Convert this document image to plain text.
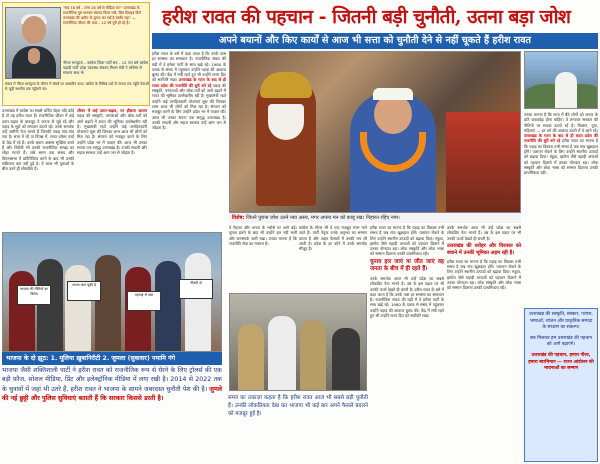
"सब 78 वर्ष – जन्म 26 वर्ष से मीडिया का" "उत्तराखंड के राजनीतिक गुरु मानकर स्वराज विरल जरि, बिल दिसहब विरो उत्तराखंड की अतीत के बुनाए कर रखें है स्वर्लेट गहा" — राजनीतिक जीवन की यात्रा – 12 वर्ष पूरी हो रहे हैं।
नीरज भारद्वाज – कांग्रेस ज़िला पार्टी सत्र – 12 जन वर्ष कांग्रेस पहाड़ी पार्टी प्रदेश व्यवस्था संकल्प मिशन मंत्री पे भविष्य से संकल्प साथ में।
संवाद में नीरज भारद्वाज के जीवन में संघर्ष पर आधारित कथा, कांग्रेस के विभिन्न पदों से जनता तक पहुँचे नेताओं से जुड़ी स्थानीय तक पहुँचाने का।
हरीश रावत की पहचान - जितनी बड़ी चुनौती, उतना बड़ा जोश
अपने बयानों और किए कार्यों से आज भी सत्ता को चुनौती देने से नहीं चूकते हैं हरीश रावत
उत्तराखंड में कांग्रेस का सबसे चर्चित चेहरा यदि कोई है तो वह हरीश रावत हैं। राजनीतिक जीवन में कई उतार-चढ़ाव के बावजूद वे जनता से जुड़े रहे और पहाड़ के मुद्दों को लगातार उठाते रहे। उनके समर्थक उन्हें जमीनी नेता मानते हैं जिनकी पकड़ गांव-गांव तक है। सत्ता में रहें या विपक्ष में, रावत हमेशा चर्चा के केंद्र में रहे हैं। उनके बयान अक्सर सुर्खियां बनते हैं और विरोधी भी उनकी राजनीतिक समझ का लोहा मानते हैं। लंबे समय तक संसद और विधानसभा में प्रतिनिधित्व करने के बाद भी उनकी सक्रियता कम नहीं हुई है। वे आज भी युवाओं के बीच उतने ही लोकप्रिय हैं।
जीवन में कई उतार-चढ़ाव, पर हौसला कायम पहाड़ की संस्कृति, परंपराओं और लोक-पर्वों को आगे बढ़ाने में रावत की भूमिका उल्लेखनीय रही है। मुख्यमंत्री रहते उन्होंने कई जनहितकारी योजनाएं शुरू कीं जिनका लाभ आज भी लोगों को मिल रहा है। संगठन को मजबूत करने के लिए उन्होंने प्रदेश भर में यात्राएं कीं। आज भी उनका सपना एक समृद्ध उत्तराखंड है। उनकी सादगी और सहज स्वभाव उन्हें आम जन से जोड़ता है।
हरीश रावत के बारे में कहा जाता है कि उनके पास हर समस्या का समाधान है। राजनीतिक संकट की घड़ी में वे हमेशा पार्टी के साथ खड़े रहे। 1980 के दशक से संसद में पहुंचकर उन्होंने पहाड़ की आवाज बुलंद की। केंद्र में मंत्री रहते हुए भी उन्होंने राज्य हित को सर्वोपरि रखा। उत्तराखंड के गठन के बाद से ही रावत प्रदेश की राजनीति की धुरी बने रहे पहाड़ की संस्कृति, परंपराओं और लोक-पर्वों को आगे बढ़ाने में रावत की भूमिका उल्लेखनीय रही है। मुख्यमंत्री रहते उन्होंने कई जनहितकारी योजनाएं शुरू कीं जिनका लाभ आज भी लोगों को मिल रहा है। संगठन को मजबूत करने के लिए उन्होंने प्रदेश भर में यात्राएं कीं। आज भी उनका सपना एक समृद्ध उत्तराखंड है। उनकी सादगी और सहज स्वभाव उन्हें आम जन से जोड़ता है।
विशेष: जितने पुराना जोश उतने नया असर, मगर अपना मन को काबू रख। निहारत रहिए नाम।
वे मेहनत और जनता के भरोसे पर आगे बढ़े। चुनाव हारने के बाद भी उन्होंने हार नहीं मानी और जनसंपर्क जारी रखा। उनका मानना है कि राजनीति सेवा का माध्यम है।
कांग्रेस के भीतर भी वे एक मजबूत स्तंभ माने जाते हैं। पार्टी नेतृत्व उनके अनुभव का सम्मान करता है और अहम फैसलों में उनकी राय ली जाती है। प्रदेश के हर कोने में उनके समर्थक मौजूद हैं।
हरीश रावत का मानना है कि पहाड़ का विकास तभी संभव है जब गांव खुशहाल होंगे। पलायन रोकने के लिए उन्होंने स्थानीय उत्पादों को बढ़ावा दिया। मंडुवा, झंगोरा जैसे पहाड़ी अनाजों को पहचान दिलाने में उनका योगदान रहा। लोक संस्कृति और लोक भाषा को सम्मान दिलाना उनकी प्राथमिकता रही।
चुनाव हार जाएं या जीत जाएं वह जनता के बीच में ही रहते हैं।
उनके समर्थक आज भी उन्हें प्रदेश का सबसे लोकप्रिय नेता मानते हैं। उम्र के इस पड़ाव पर भी उनकी ऊर्जा देखते ही बनती है। हरीश रावत के बारे में कहा जाता है कि उनके पास हर समस्या का समाधान है। राजनीतिक संकट की घड़ी में वे हमेशा पार्टी के साथ खड़े रहे। 1980 के दशक से संसद में पहुंचकर उन्होंने पहाड़ की आवाज बुलंद की। केंद्र में मंत्री रहते हुए भी उन्होंने राज्य हित को सर्वोपरि रखा।
उनके समर्थक आज भी उन्हें प्रदेश का सबसे लोकप्रिय नेता मानते हैं। उम्र के इस पड़ाव पर भी उनकी ऊर्जा देखते ही बनती है।
उत्तराखंड की धरोहर और विरासत को बचाने में उनकी भूमिका अहम रही है।
हरीश रावत का मानना है कि पहाड़ का विकास तभी संभव है जब गांव खुशहाल होंगे। पलायन रोकने के लिए उन्होंने स्थानीय उत्पादों को बढ़ावा दिया। मंडुवा, झंगोरा जैसे पहाड़ी अनाजों को पहचान दिलाने में उनका योगदान रहा। लोक संस्कृति और लोक भाषा को सम्मान दिलाना उनकी प्राथमिकता रही।
भाजपा की नीतियों का विरोध
जनता जाग चुकी है
महंगाई से त्रस्त
नौकरी दो
भाजपा के दो झूठ: 1. मूलिया ख़ुबानिरीटी 2. जुमला (सुकवार) नमामि गंगे
भाजपा जैसी शक्तिशाली पार्टी ने हरीश रावत को राजनीतिक रूप से घेरने के लिए ट्रोलर्स की एक बड़ी फ़ौज, सोशल मीडिया, प्रिंट और इलेक्ट्रॉनिक मीडिया में लगा रखी है। 2014 से 2022 तक के चुनावों में जहां भी उतरे हैं, हरीश रावत ने भाजपा के सामने जबरदस्त चुनौती पेश की है। जुमले की नई छुट्टी और पुलिस सुविधाएं बताती हैं कि सरकार किससे डरती है।	समय का तकाज़ा कहता है कि हरीश रावत आज भी सबसे बड़ी चुनौती हैं। उनकी लोकप्रियता देख कर भाजपा भी कई बार अपने फैसले बदलने को मजबूर हुई है।
उनका मानना है कि सत्ता में बैठे लोगों को जनता के प्रति जवाबदेह होना चाहिए। वे लगातार सरकार की नीतियों पर सवाल उठाते रहे हैं। किसान, युवा, महिलाएं — हर वर्ग की आवाज उठाने में वे आगे रहे। उत्तराखंड के गठन के बाद से ही रावत प्रदेश की राजनीति की धुरी बने रहे हरीश रावत का मानना है कि पहाड़ का विकास तभी संभव है जब गांव खुशहाल होंगे। पलायन रोकने के लिए उन्होंने स्थानीय उत्पादों को बढ़ावा दिया। मंडुवा, झंगोरा जैसे पहाड़ी अनाजों को पहचान दिलाने में उनका योगदान रहा। लोक संस्कृति और लोक भाषा को सम्मान दिलाना उनकी प्राथमिकता रही।
उत्तराखंड की संस्कृति, संस्कार, परंपरा, भाषाओं, व्यंजन और प्राकृतिक सम्पदा के संरक्षण का संकल्प।
सब मिलकर हम उत्तराखंड की पहचान को आगे बढ़ाएंगे।
उत्तराखंड की पहचान, हमारा गौरव, हमारा स्वाभिमान — राज्य आंदोलन की भावनाओं का सम्मान
